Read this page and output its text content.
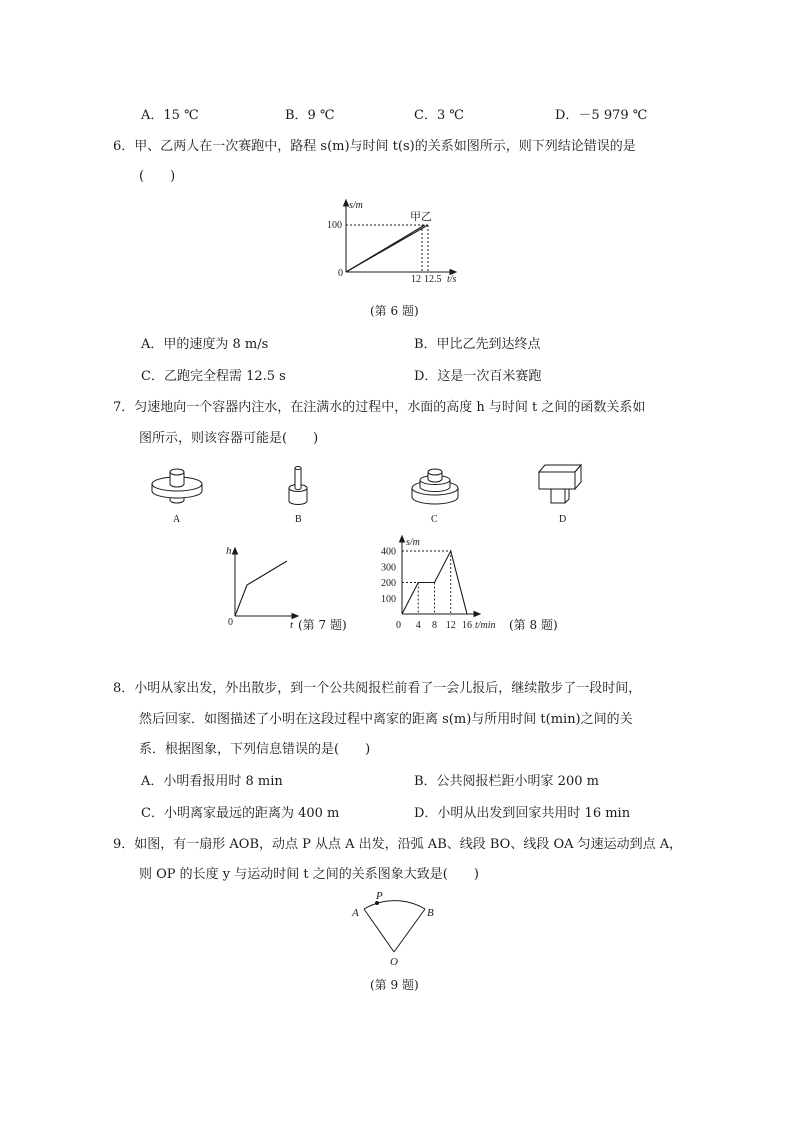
A．15 ℃	B．9 ℃	C．3 ℃	D．－5 979 ℃
6．甲、乙两人在一次赛跑中，路程 s(m)与时间 t(s)的关系如图所示，则下列结论错误的是
(　　)
s/m
100
0
12 12.5 t/s
甲 乙
(第 6 题)
A．甲的速度为 8 m/s	B．甲比乙先到达终点
C．乙跑完全程需 12.5 s	D．这是一次百米赛跑
7．匀速地向一个容器内注水，在注满水的过程中，水面的高度 h 与时间 t 之间的函数关系如
图所示，则该容器可能是(　　)
A	B	C	D
h
0	t (第 7 题)
100
200
300
400
4 8 12 16
s/m
0	t/min (第 8 题)
8．小明从家出发，外出散步，到一个公共阅报栏前看了一会儿报后，继续散步了一段时间，
然后回家．如图描述了小明在这段过程中离家的距离 s(m)与所用时间 t(min)之间的关
系．根据图象，下列信息错误的是(　　)
A．小明看报用时 8 min	B．公共阅报栏距小明家 200 m
C．小明离家最远的距离为 400 m	D．小明从出发到回家共用时 16 min
9．如图，有一扇形 AOB，动点 P 从点 A 出发，沿弧 AB、线段 BO、线段 OA 匀速运动到点 A，
则 OP 的长度 y 与运动时间 t 之间的关系图象大致是(　　)
A	B
P
O
(第 9 题)
